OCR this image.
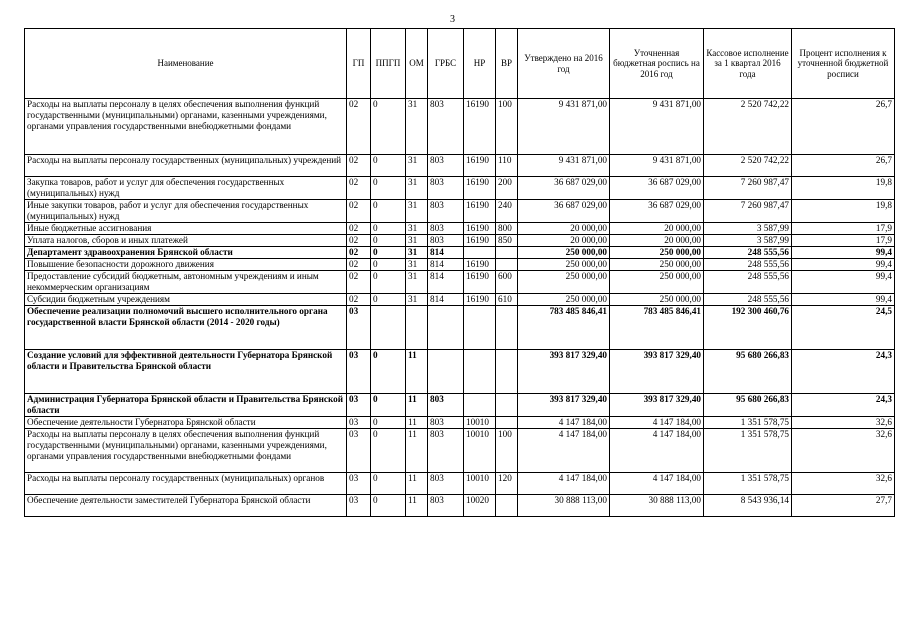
3
Наименование	ГП	ППГП	ОМ	ГРБС	НР	ВР	Утверждено на 2016 год	Уточненная бюджетная роспись на 2016 год	Кассовое исполнение за 1 квартал 2016 года	Процент исполнения к уточненной бюджетной росписи
Расходы на выплаты персоналу в целях обеспечения выполнения функций государственными (муниципальными) органами, казенными учреждениями, органами управления государственными внебюджетными фондами	02	0	31	803	16190	100	9 431 871,00	9 431 871,00	2 520 742,22	26,7
Расходы на выплаты персоналу государственных (муниципальных) учреждений	02	0	31	803	16190	110	9 431 871,00	9 431 871,00	2 520 742,22	26,7
Закупка товаров, работ и услуг для обеспечения государственных (муниципальных) нужд	02	0	31	803	16190	200	36 687 029,00	36 687 029,00	7 260 987,47	19,8
Иные закупки товаров, работ и услуг для обеспечения государственных (муниципальных) нужд	02	0	31	803	16190	240	36 687 029,00	36 687 029,00	7 260 987,47	19,8
Иные бюджетные ассигнования	02	0	31	803	16190	800	20 000,00	20 000,00	3 587,99	17,9
Уплата налогов, сборов и иных платежей	02	0	31	803	16190	850	20 000,00	20 000,00	3 587,99	17,9
Департамент здравоохранения Брянской области	02	0	31	814			250 000,00	250 000,00	248 555,56	99,4
Повышение безопасности дорожного движения	02	0	31	814	16190		250 000,00	250 000,00	248 555,56	99,4
Предоставление субсидий бюджетным, автономным учреждениям и иным некоммерческим организациям	02	0	31	814	16190	600	250 000,00	250 000,00	248 555,56	99,4
Субсидии бюджетным учреждениям	02	0	31	814	16190	610	250 000,00	250 000,00	248 555,56	99,4
Обеспечение реализации полномочий высшего исполнительного органа государственной власти Брянской области (2014 - 2020 годы)	03						783 485 846,41	783 485 846,41	192 300 460,76	24,5
Создание условий для эффективной деятельности Губернатора Брянской области и Правительства Брянской области	03	0	11				393 817 329,40	393 817 329,40	95 680 266,83	24,3
Администрация Губернатора Брянской области и Правительства Брянской области	03	0	11	803			393 817 329,40	393 817 329,40	95 680 266,83	24,3
Обеспечение деятельности Губернатора Брянской области	03	0	11	803	10010		4 147 184,00	4 147 184,00	1 351 578,75	32,6
Расходы на выплаты персоналу в целях обеспечения выполнения функций государственными (муниципальными) органами, казенными учреждениями, органами управления государственными внебюджетными фондами	03	0	11	803	10010	100	4 147 184,00	4 147 184,00	1 351 578,75	32,6
Расходы на выплаты персоналу государственных (муниципальных) органов	03	0	11	803	10010	120	4 147 184,00	4 147 184,00	1 351 578,75	32,6
Обеспечение деятельности заместителей Губернатора Брянской области	03	0	11	803	10020		30 888 113,00	30 888 113,00	8 543 936,14	27,7
